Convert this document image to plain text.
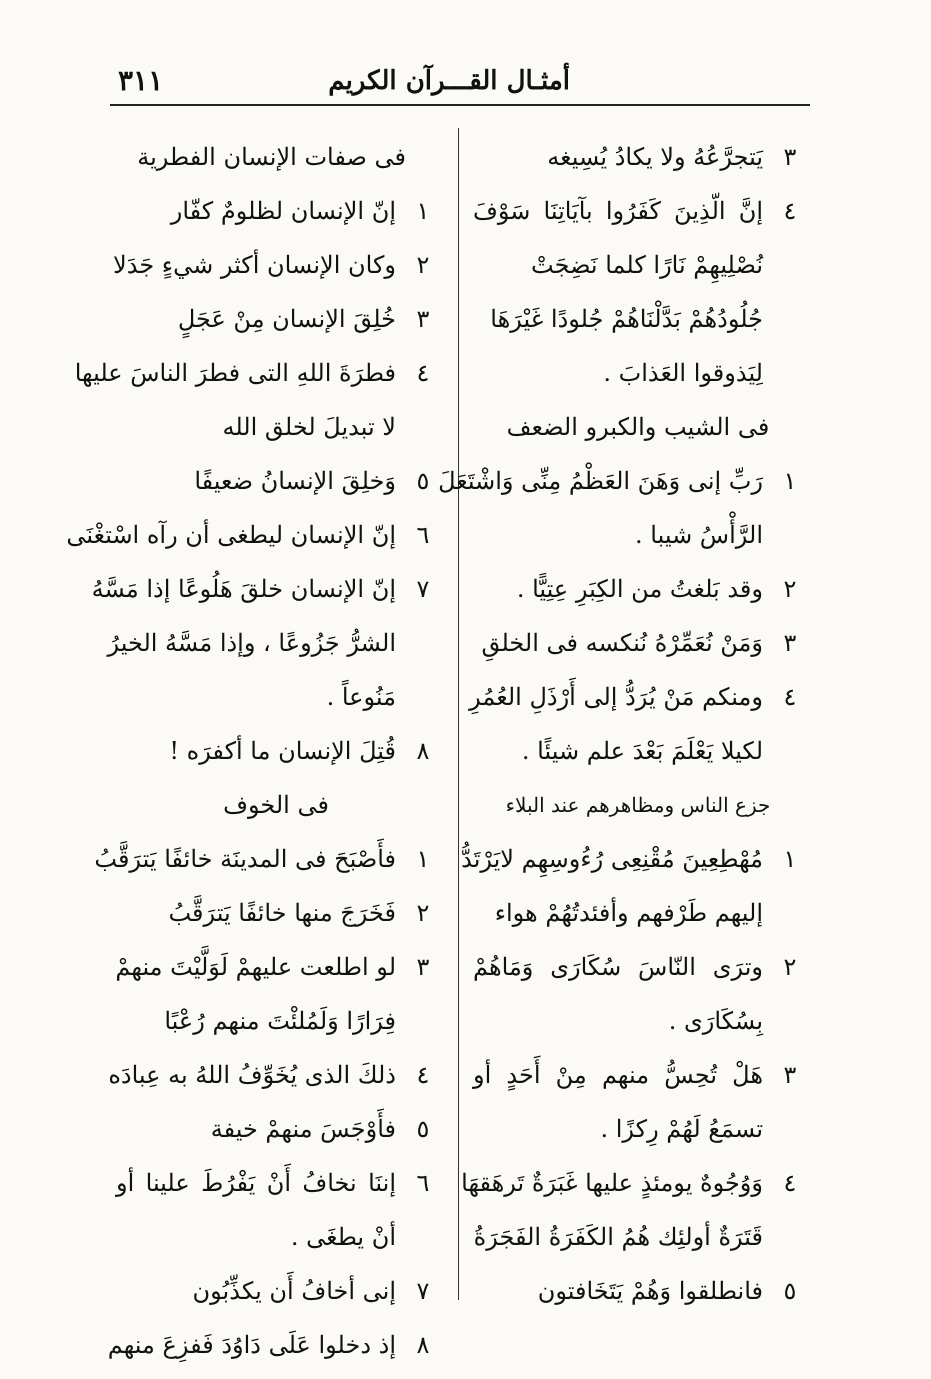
أمثـال القـــرآن الكريم
٣١١
٣
يَتجرَّعُهُ ولا يكادُ يُسِيغه
٤
إنَّ الّذِينَ كَفَرُوا بآيَاتِنَا سَوْفَ
نُصْلِيهِمْ نَارًا كلما نَضِجَتْ
جُلُودُهُمْ بَدَّلْنَاهُمْ جُلودًا غَيْرَهَا
لِيَذوقوا العَذابَ .
فى الشيب والكبرو الضعف
١
رَبِّ إنى وَهَنَ العَظْمُ مِنِّى وَاشْتَعَلَ
الرَّأْسُ شيبا .
٢
وقد بَلغتُ من الكِبَرِ عِتِيًّا .
٣
وَمَنْ نُعَمِّرْهُ نُنكسه فى الخلقِ
٤
ومنكم مَنْ يُرَدُّ إلى أَرْذَلِ العُمُرِ
لكيلا يَعْلَمَ بَعْدَ علم شيئًا .
جزع الناس ومظاهرهم عند البلاء
١
مُهْطِعِينَ مُقْنِعِى رُءُوسِهِم لايَرْتَدُّ
إليهم طَرْفهم وأفئدتُهُمْ هواء
٢
وترَى النّاسَ سُكَارَى وَمَاهُمْ
بِسُكَارَى .
٣
هَلْ تُحِسُّ منهم مِنْ أَحَدٍ أو
تسمَعُ لَهُمْ رِكزًا .
٤
وَوُجُوهٌ يومئذٍ عليها غَبَرَةٌ تَرهَقهَا
قَتَرَةٌ أولئِك هُمُ الكَفَرَةُ الفَجَرَةُ
٥
فانطلقوا وَهُمْ يَتَخَافتون
فى صفات الإنسان الفطرية
١
إنّ الإنسان لظلومٌ كفّار
٢
وكان الإنسان أكثر شيءٍ جَدَلا
٣
خُلِقَ الإنسان مِنْ عَجَلٍ
٤
فطرَةَ اللهِ التى فطرَ الناسَ عليها
لا تبديلَ لخلق الله
٥
وَخلِقَ الإنسانُ ضعيفًا
٦
إنّ الإنسان ليطغى أن رآه اسْتغْنَى
٧
إنّ الإنسان خلقَ هَلُوعًا إذا مَسَّهُ
الشرُّ جَزُوعًا ، وإذا مَسَّهُ الخيرُ
مَنُوعاً .
٨
قُتِلَ الإنسان ما أكفرَه !
فى الخوف
١
فأَصْبَحَ فى المدينَة خائفًا يَترَقَّبُ
٢
فَخَرَجَ منها خائفًا يَترَقَّبُ
٣
لو اطلعت عليهمْ لَوَلَّيْتَ منهمْ
فِرَارًا وَلَمُلئْتَ منهم رُعْبًا
٤
ذلكَ الذى يُخَوِّفُ اللهُ به عِبادَه
٥
فأَوْجَسَ منهمْ خيفة
٦
إننَا نخافُ أَنْ يَفْرُطَ علينا أو
أنْ يطغَى .
٧
إنى أخافُ أَن يكذِّبُون
٨
إذ دخلوا عَلَى دَاوُدَ فَفزِعَ منهم
